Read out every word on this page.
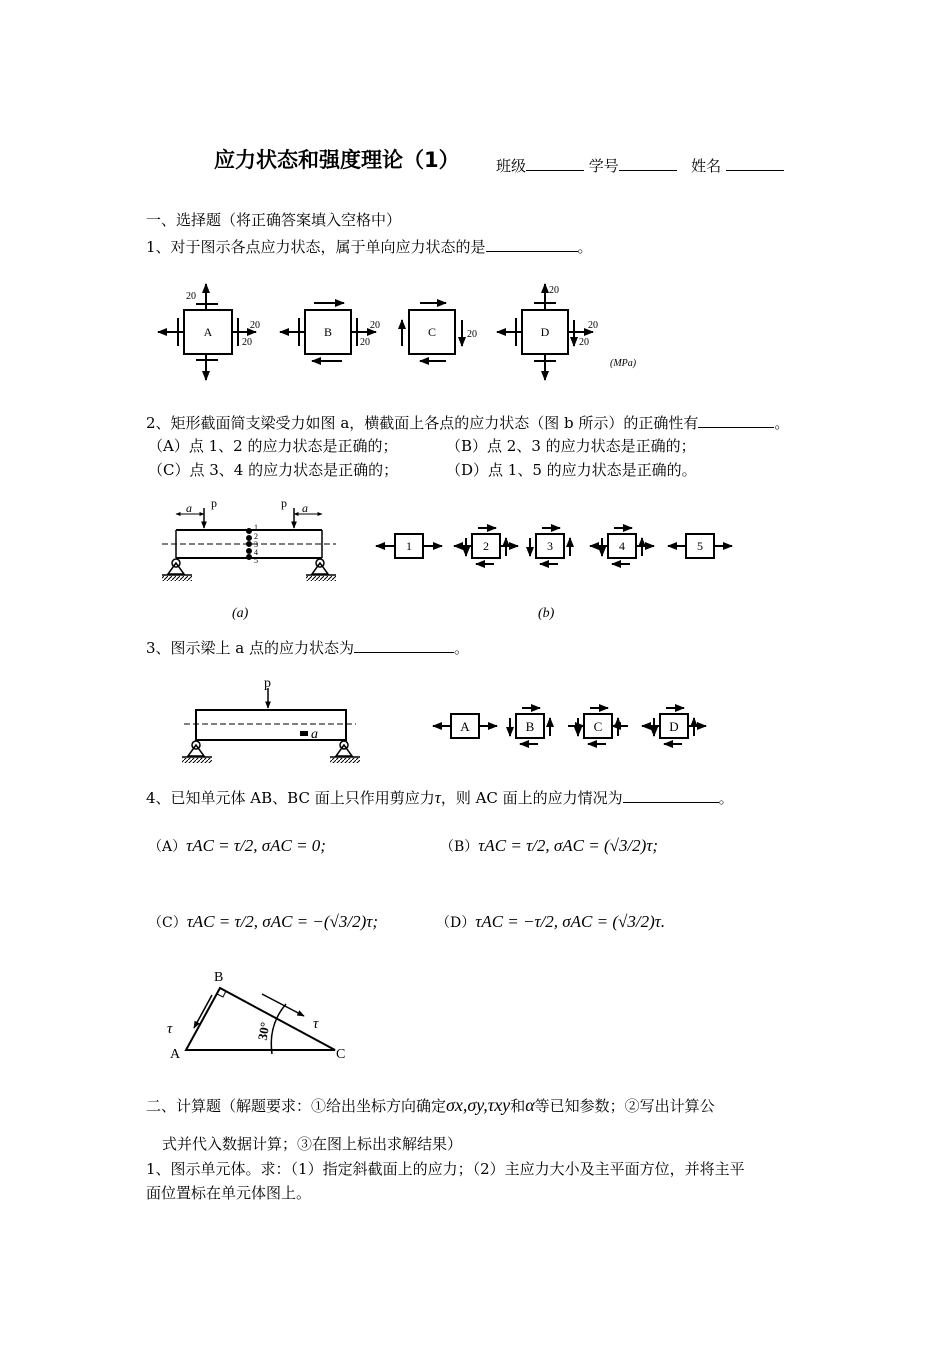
应力状态和强度理论（1） 班级	学号	姓名
一、选择题（将正确答案填入空格中）
1、对于图示各点应力状态，属于单向应力状态的是	。
A
20
20
20
B	20
20
C	20	D
20
20
20
(MPa)
p	p
a	a
1
2
3
4
5
(a)	(b)
1	2	3	4	5
p
a
A	B	C	D
B
A	C
τ	τ
30°
2、矩形截面简支梁受力如图 a，横截面上各点的应力状态（图 b 所示）的正确性有	。
（A）点 1、2 的应力状态是正确的；	（B）点 2、3 的应力状态是正确的；
（C）点 3、4 的应力状态是正确的；	（D）点 1、5 的应力状态是正确的。
3、图示梁上 a 点的应力状态为	。
4、已知单元体 AB、BC 面上只作用剪应力τ，则 AC 面上的应力情况为	。
（A）τAC = τ/2, σAC = 0;	（B）τAC = τ/2, σAC = (√3/2)τ;
（C）τAC = τ/2, σAC = −(√3/2)τ;	（D）τAC = −τ/2, σAC = (√3/2)τ.
二、计算题（解题要求：①给出坐标方向确定σx,σy,τxy和α等已知参数；②写出计算公
式并代入数据计算；③在图上标出求解结果）
1、图示单元体。求：（1）指定斜截面上的应力；（2）主应力大小及主平面方位，并将主平
面位置标在单元体图上。
